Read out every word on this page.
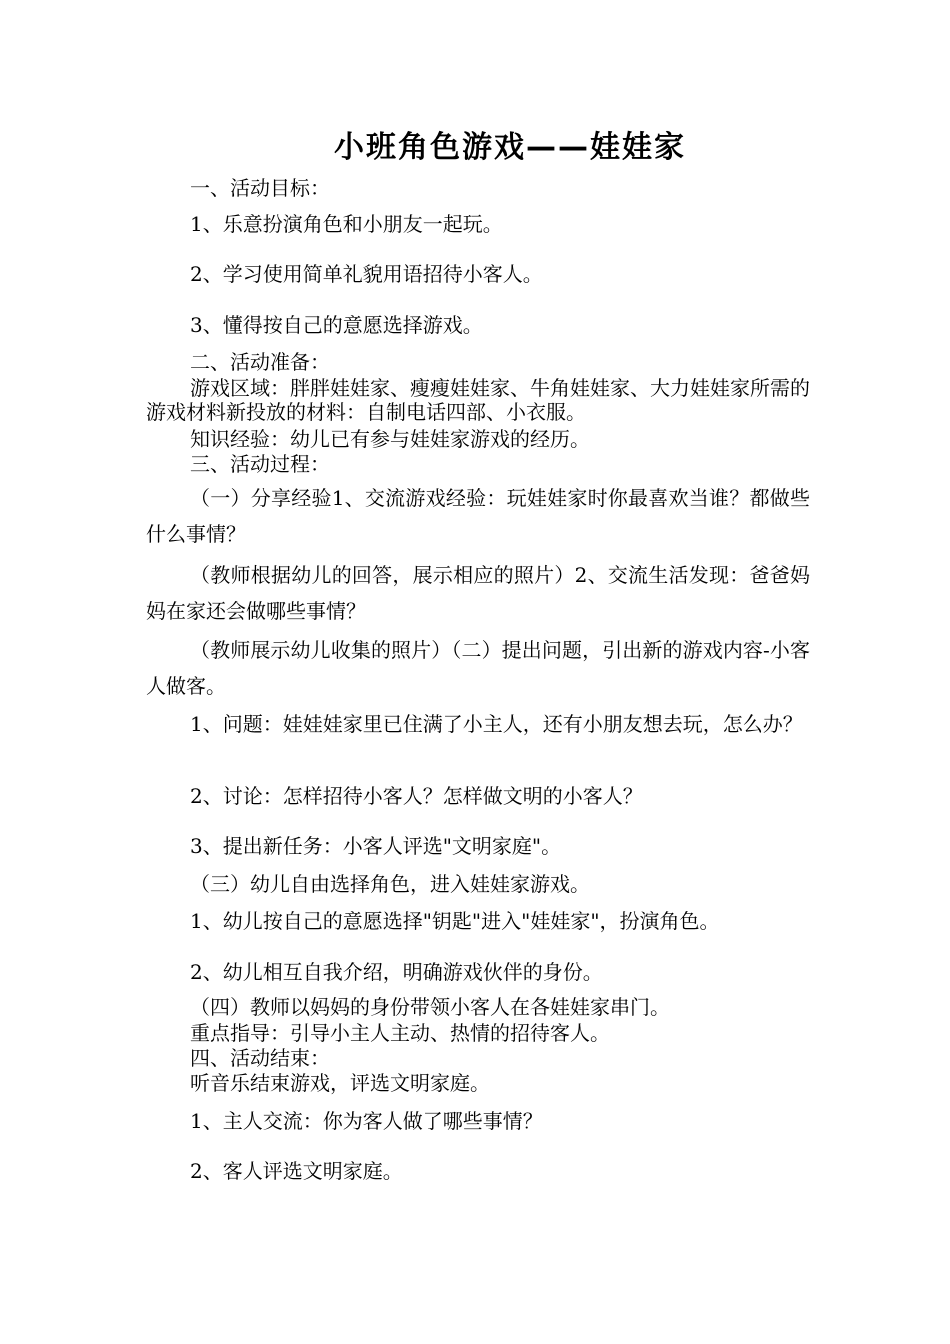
小班角色游戏——娃娃家
一、活动目标：
1、乐意扮演角色和小朋友一起玩。
2、学习使用简单礼貌用语招待小客人。
3、懂得按自己的意愿选择游戏。
二、活动准备：
游戏区域：胖胖娃娃家、瘦瘦娃娃家、牛角娃娃家、大力娃娃家所需的游戏材料新投放的材料：自制电话四部、小衣服。
知识经验：幼儿已有参与娃娃家游戏的经历。
三、活动过程：
（一）分享经验1、交流游戏经验：玩娃娃家时你最喜欢当谁？都做些什么事情？
（教师根据幼儿的回答，展示相应的照片）2、交流生活发现：爸爸妈妈在家还会做哪些事情？
（教师展示幼儿收集的照片）（二）提出问题，引出新的游戏内容-小客人做客。
1、问题：娃娃娃家里已住满了小主人，还有小朋友想去玩，怎么办？
2、讨论：怎样招待小客人？怎样做文明的小客人？
3、提出新任务：小客人评选"文明家庭"。
（三）幼儿自由选择角色，进入娃娃家游戏。
1、幼儿按自己的意愿选择"钥匙"进入"娃娃家"，扮演角色。
2、幼儿相互自我介绍，明确游戏伙伴的身份。
（四）教师以妈妈的身份带领小客人在各娃娃家串门。
重点指导：引导小主人主动、热情的招待客人。
四、活动结束：
听音乐结束游戏，评选文明家庭。
1、主人交流：你为客人做了哪些事情？
2、客人评选文明家庭。
